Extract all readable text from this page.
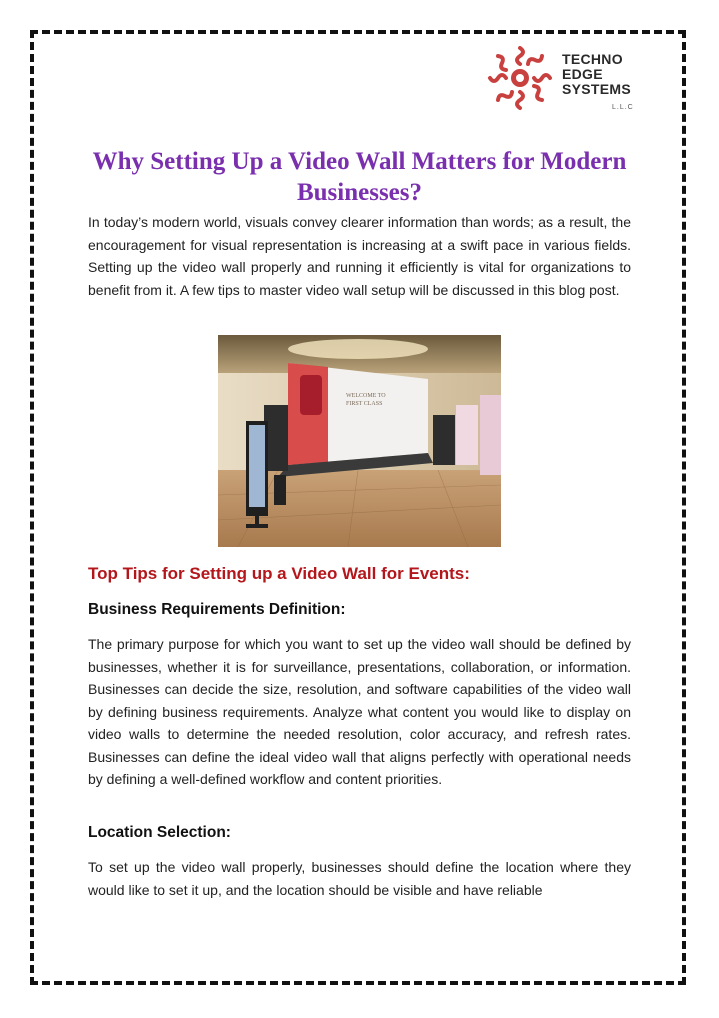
TECHNO
EDGE
SYSTEMS
L.L.C
Why Setting Up a Video Wall Matters for Modern Businesses?

In today’s modern world, visuals convey clearer information than words; as a result, the encouragement for visual representation is increasing at a swift pace in various fields. Setting up the video wall properly and running it efficiently is vital for organizations to benefit from it. A few tips to master video wall setup will be discussed in this blog post.

WELCOME TO
FIRST CLASS
Top Tips for Setting up a Video Wall for Events:
Business Requirements Definition:

The primary purpose for which you want to set up the video wall should be defined by businesses, whether it is for surveillance, presentations, collaboration, or information. Businesses can decide the size, resolution, and software capabilities of the video wall by defining business requirements. Analyze what content you would like to display on video walls to determine the needed resolution, color accuracy, and refresh rates. Businesses can define the ideal video wall that aligns perfectly with operational needs by defining a well-defined workflow and content priorities.

Location Selection:

To set up the video wall properly, businesses should define the location where they would like to set it up, and the location should be visible and have reliable
